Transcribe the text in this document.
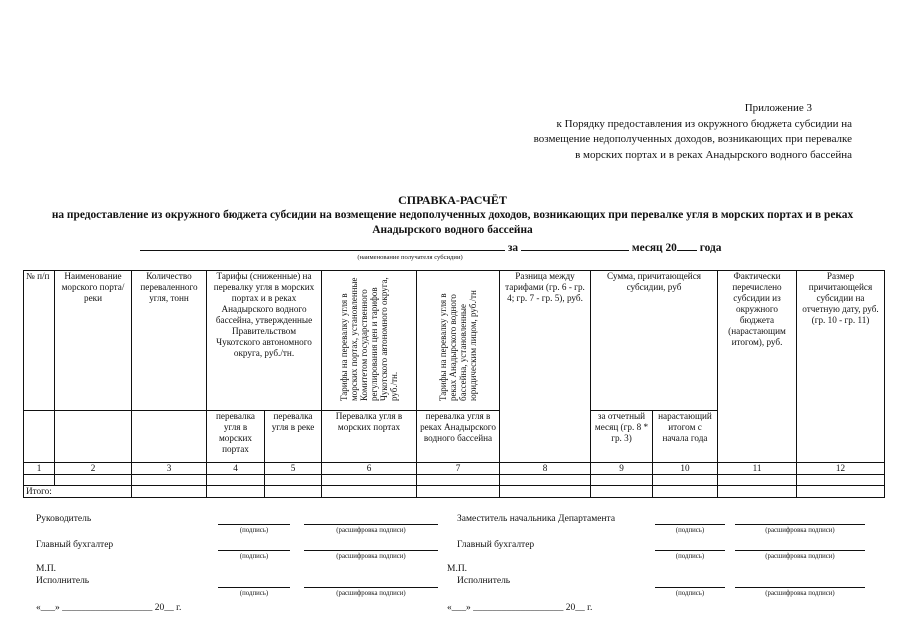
Приложение 3
к Порядку предоставления из окружного бюджета субсидии на
возмещение недополученных доходов, возникающих при перевалке
в морских портах и в реках Анадырского водного бассейна
СПРАВКА-РАСЧЁТ
на предоставление из окружного бюджета субсидии на возмещение недополученных доходов, возникающих при перевалке угля в морских портах и в реках Анадырского водного бассейна
за	месяц 20 года
(наименование получателя субсидии)
№ п/п	Наименование морского порта/реки	Количество переваленного угля, тонн	Тарифы (сниженные) на перевалку угля в морских портах и в реках Анадырского водного бассейна, утвержденные Правительством Чукотского автономного округа, руб./тн.		Тарифы на перевалку угля в морских портах, установленные Комитетом государственного регулирования цен и тарифов Чукотского автономного округа, руб./тн.	Тарифы на перевалку угля в реках Анадырского водного бассейна, установленные юридическим лицом, руб./тн	Разница между тарифами (гр. 6 - гр. 4; гр. 7 - гр. 5), руб.	Сумма, причитающейся субсидии, руб		Фактически перечислено субсидии из окружного бюджета (нарастающим итогом), руб.	Размер причитающейся субсидии на отчетную дату, руб. (гр. 10 - гр. 11)
			перевалка угля в морских портах	перевалка угля в реке	Перевалка угля в морских портах	перевалка угля в реках Анадырского водного бассейна		за отчетный месяц (гр. 8 * гр. 3)	нарастающий итогом с начала года		
1	2	3	4	5	6	7	8	9	10	11	12

Итого:											
Руководитель
(подпись)	(расшифровка подписи)
Главный бухгалтер
(подпись)	(расшифровка подписи)
М.П.
Исполнитель
(подпись)	(расшифровка подписи)
«___» ___________________ 20__ г.
Заместитель начальника Департамента
(подпись)	(расшифровка подписи)
Главный бухгалтер
(подпись)	(расшифровка подписи)
М.П.
Исполнитель
(подпись)	(расшифровка подписи)
«___» ___________________ 20__ г.
